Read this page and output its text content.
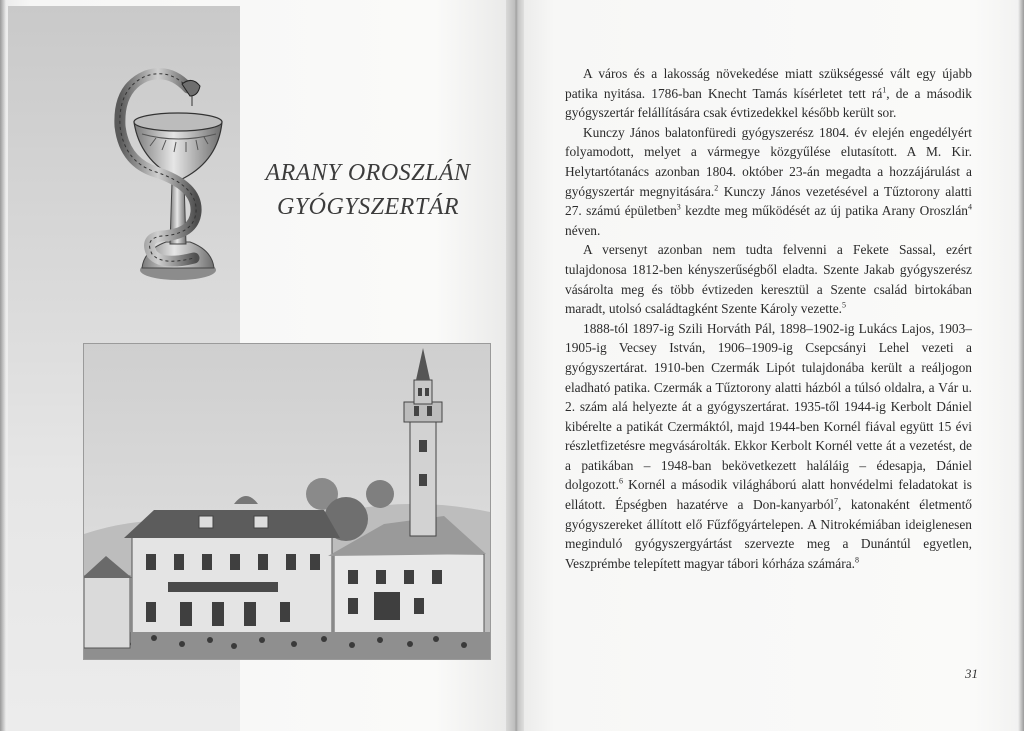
ARANY OROSZLÁN
GYÓGYSZERTÁR

A város és a lakosság növekedése miatt szükségessé vált egy újabb patika nyitása. 1786-ban Knecht Tamás kísérletet tett $rá^1$, de a második gyógyszertár felállítására csak évtizedekkel később került sor.

Kunczy János balatonfüredi gyógyszerész 1804. év elején engedélyért folyamodott, melyet a vármegye közgyűlése elutasított. A M. Kir. Helytartótanács azonban 1804. október 23-án megadta a hozzájárulást a gyógyszertár megnyitására.$^2$ Kunczy János vezetésével a Tűztorony alatti 27. számú épületben$^3$ kezdte meg működését az új patika Arany Oroszlán$^4$ néven.

A versenyt azonban nem tudta felvenni a Fekete Sassal, ezért tulajdonosa 1812-ben kényszerűségből eladta. Szente Jakab gyógyszerész vásárolta meg és több évtizeden keresztül a Szente család birtokában maradt, utolsó családtagként Szente Károly vezette.$^5$

1888-tól 1897-ig Szili Horváth Pál, 1898–1902-ig Lukács Lajos, 1903–1905-ig Vecsey István, 1906–1909-ig Csepcsányi Lehel vezeti a gyógyszertárat. 1910-ben Czermák Lipót tulajdonába került a reáljogon eladható patika. Czermák a Tűztorony alatti házból a túlsó oldalra, a Vár u. 2. szám alá helyezte át a gyógyszertárat. 1935-től 1944-ig Kerbolt Dániel kibérelte a patikát Czermáktól, majd 1944-ben Kornél fiával együtt 15 évi részletfizetésre megvásárolták. Ekkor Kerbolt Kornél vette át a vezetést, de a patikában – 1948-ban bekövetkezett haláláig – édesapja, Dániel dolgozott.$^6$ Kornél a második világháború alatt honvédelmi feladatokat is ellátott. Épségben hazatérve a Don-kanyarból$^7$, katonaként életmentő gyógyszereket állított elő Fűzfőgyártelepen. A Nitrokémiában ideiglenesen meginduló gyógyszergyártást szervezte meg a Dunántúl egyetlen, Veszprémbe telepített magyar tábori kórháza számára.$^8$

31
